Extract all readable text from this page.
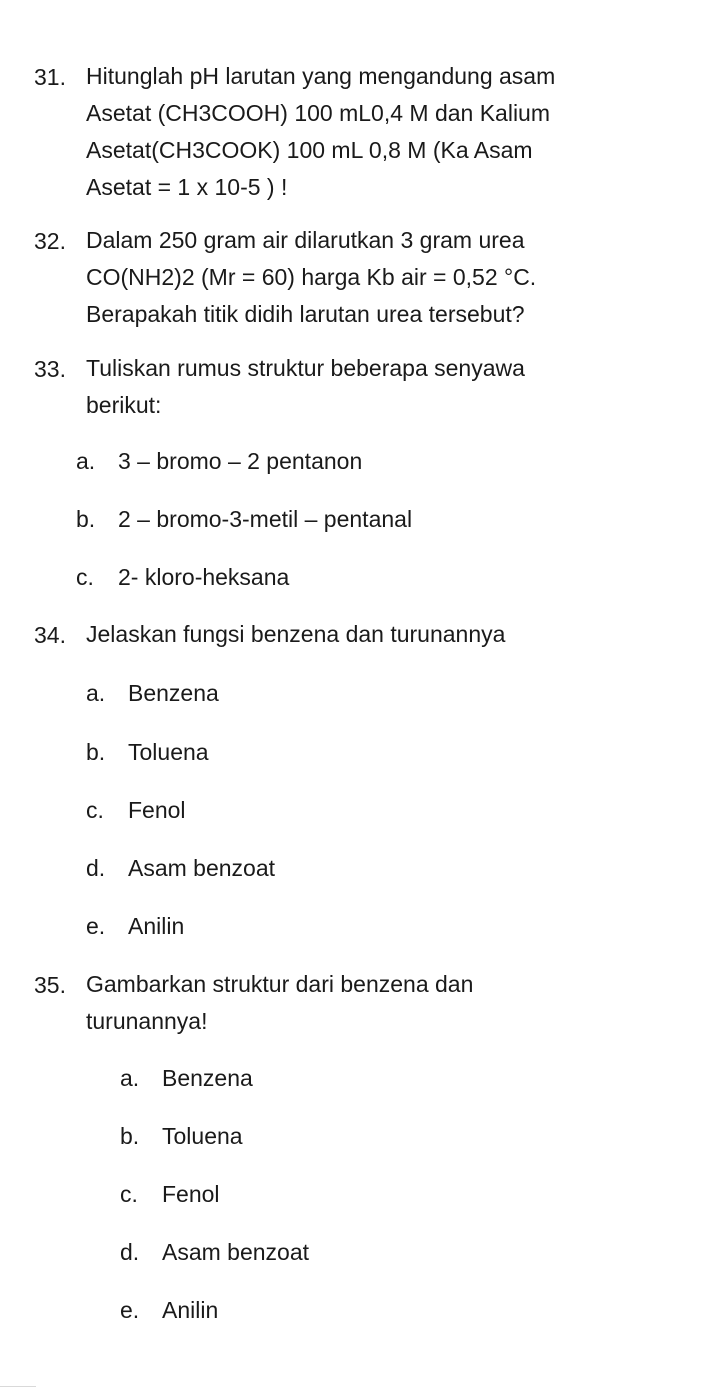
31. Hitunglah pH larutan yang mengandung asam
Asetat (CH3COOH) 100 mL0,4 M dan Kalium
Asetat(CH3COOK) 100 mL 0,8 M (Ka Asam
Asetat = 1 x 10-5 ) !
32. Dalam 250 gram air dilarutkan 3 gram urea
CO(NH2)2 (Mr = 60) harga Kb air = 0,52 °C.
Berapakah titik didih larutan urea tersebut?
33. Tuliskan rumus struktur beberapa senyawa
berikut:
a. 3 – bromo – 2 pentanon
b. 2 – bromo-3-metil – pentanal
c. 2- kloro-heksana
34. Jelaskan fungsi benzena dan turunannya
a. Benzena
b. Toluena
c. Fenol
d. Asam benzoat
e. Anilin
35. Gambarkan struktur dari benzena dan
turunannya!
a. Benzena
b. Toluena
c. Fenol
d. Asam benzoat
e. Anilin
